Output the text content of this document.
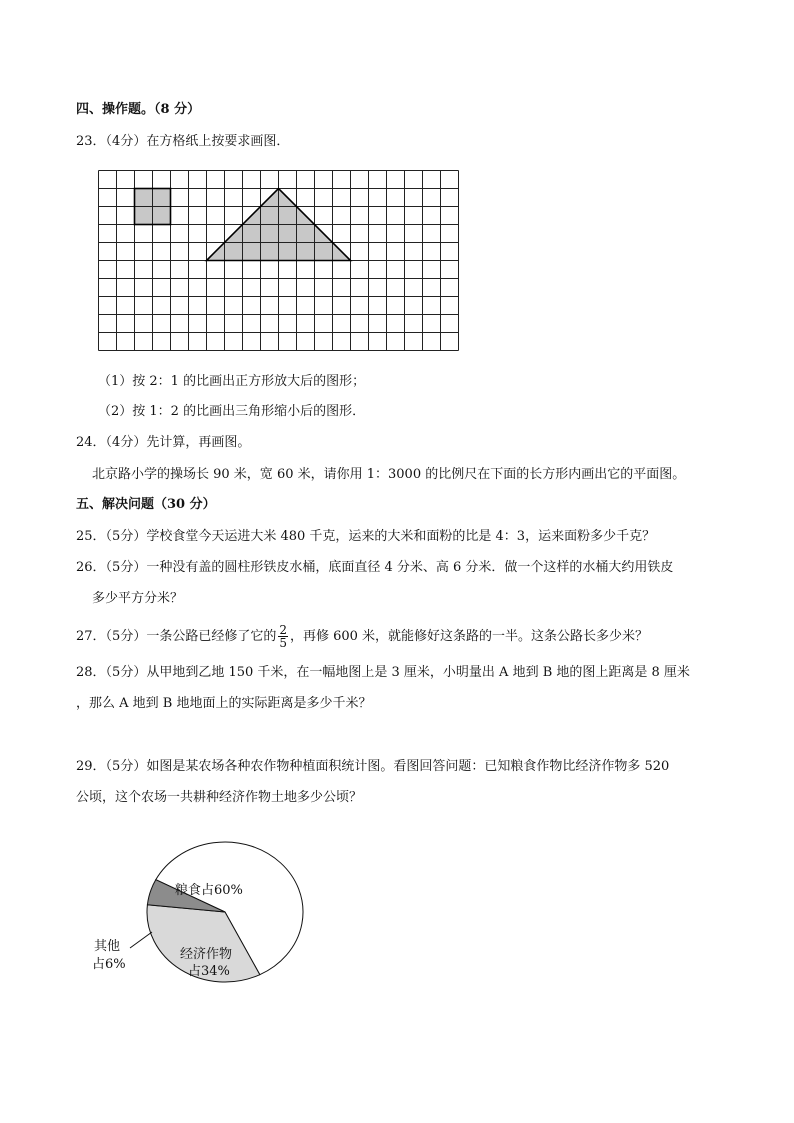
四、操作题。（8 分）
23．（4分）在方格纸上按要求画图．
（1）按 2：1 的比画出正方形放大后的图形；
（2）按 1：2 的比画出三角形缩小后的图形．
24．（4分）先计算，再画图。
北京路小学的操场长 90 米，宽 60 米，请你用 1：3000 的比例尺在下面的长方形内画出它的平面图。
五、解决问题（30 分）
25．（5分）学校食堂今天运进大米 480 千克，运来的大米和面粉的比是 4：3，运来面粉多少千克？
26．（5分）一种没有盖的圆柱形铁皮水桶，底面直径 4 分米、高 6 分米．做一个这样的水桶大约用铁皮
多少平方分米？
27．（5分）一条公路已经修了它的 $\frac{2}{5}$ ，再修 600 米，就能修好这条路的一半。这条公路长多少米？
28．（5分）从甲地到乙地 150 千米，在一幅地图上是 3 厘米，小明量出 A 地到 B 地的图上距离是 8 厘米
，那么 A 地到 B 地地面上的实际距离是多少千米？
29．（5分）如图是某农场各种农作物种植面积统计图。看图回答问题：已知粮食作物比经济作物多 520
公顷，这个农场一共耕种经济作物土地多少公顷？
粮食占60%
经济作物
占34%
其他
占6%
